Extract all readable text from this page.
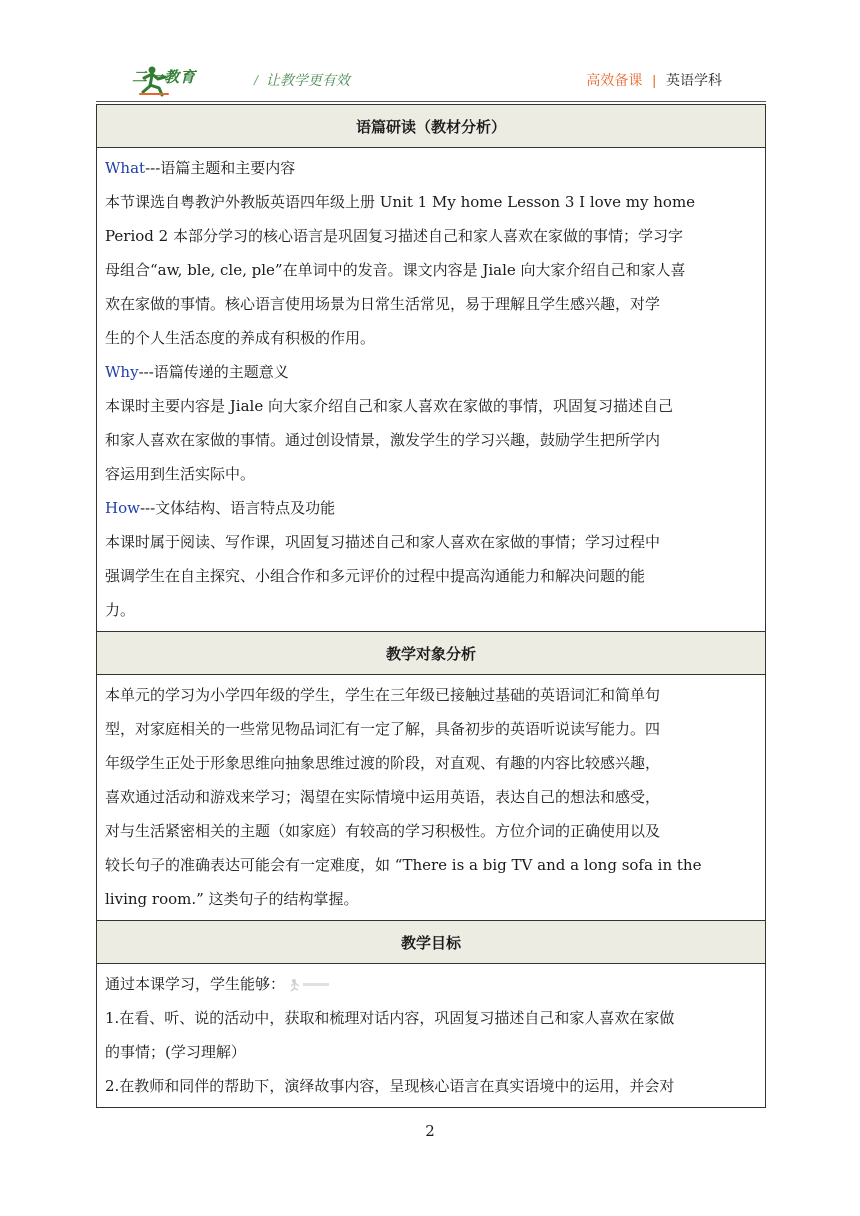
二一教育	/ 让教学更有效	高效备课 | 英语学科
语篇研读（教材分析）

What---语篇主题和主要内容

本节课选自粤教沪外教版英语四年级上册 Unit 1 My home Lesson 3 I love my home

Period 2 本部分学习的核心语言是巩固复习描述自己和家人喜欢在家做的事情；学习字

母组合“aw, ble, cle, ple”在单词中的发音。课文内容是 Jiale 向大家介绍自己和家人喜

欢在家做的事情。核心语言使用场景为日常生活常见，易于理解且学生感兴趣，对学

生的个人生活态度的养成有积极的作用。

Why---语篇传递的主题意义

本课时主要内容是 Jiale 向大家介绍自己和家人喜欢在家做的事情，巩固复习描述自己

和家人喜欢在家做的事情。通过创设情景，激发学生的学习兴趣，鼓励学生把所学内

容运用到生活实际中。

How---文体结构、语言特点及功能

本课时属于阅读、写作课，巩固复习描述自己和家人喜欢在家做的事情；学习过程中

强调学生在自主探究、小组合作和多元评价的过程中提高沟通能力和解决问题的能

力。

教学对象分析

本单元的学习为小学四年级的学生，学生在三年级已接触过基础的英语词汇和简单句

型，对家庭相关的一些常见物品词汇有一定了解，具备初步的英语听说读写能力。四

年级学生正处于形象思维向抽象思维过渡的阶段，对直观、有趣的内容比较感兴趣，

喜欢通过活动和游戏来学习；渴望在实际情境中运用英语，表达自己的想法和感受，

对与生活紧密相关的主题（如家庭）有较高的学习积极性。方位介词的正确使用以及

较长句子的准确表达可能会有一定难度，如 “There is a big TV and a long sofa in the

living room.” 这类句子的结构掌握。

教学目标

通过本课学习，学生能够：

1.在看、听、说的活动中，获取和梳理对话内容，巩固复习描述自己和家人喜欢在家做

的事情；(学习理解）

2.在教师和同伴的帮助下，演绎故事内容，呈现核心语言在真实语境中的运用，并会对

2
